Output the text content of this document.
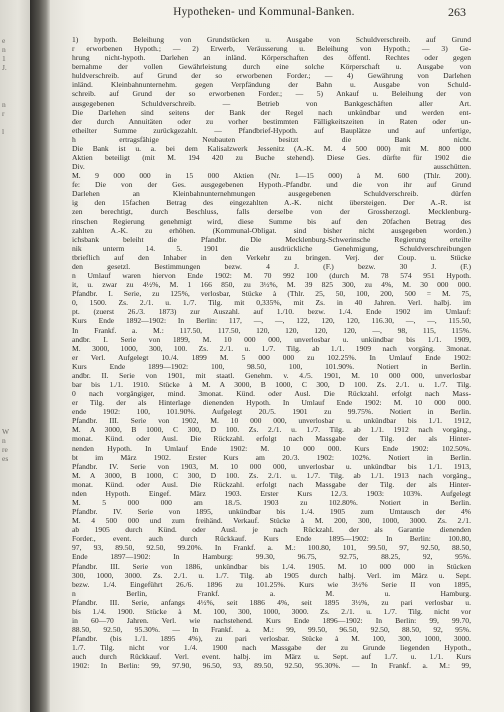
e
n
1
J.
n
r
l
W
n
re
es
Hypotheken- und Kommunal-Banken.	263
1) hypoth. Beleihung von Grundstücken u. Ausgabe von Schuldverschreib. auf Grund
r erworbenen Hypoth.; — 2) Erwerb, Veräusserung u. Beleihung von Hypoth.; — 3) Ge-
hrung nicht-hypoth. Darlehen an inländ. Körperschaften des öffentl. Rechtes oder gegen
bernahme der vollen Gewährleistung durch eine solche Körperschaft u. Ausgabe von
huldverschreib. auf Grund der so erworbenen Forder.; — 4) Gewährung von Darlehen
inländ. Kleinbahnunternehm. gegen Verpfändung der Bahn u. Ausgabe von Schuld-
schreib. auf Grund der so erworbenen Forder.; — 5) Ankauf u. Beleihung der von
ausgegebenen Schuldverschreib. — Betrieb von Bankgeschäften aller Art.
Die Darlehen sind seitens der Bank der Regel nach unkündbar und werden ent-
der durch Annuitäten oder zu vorher bestimmten Fälligkeitszeiten in Raten oder un-
etheilter Summe zurückgezahlt. — Pfandbrief-Hypoth. auf Bauplätze und auf unfertige,
h ertragsfähige Neubauten besitzt die Bank nicht.
Die Bank ist u. a. bei dem Kalisalzwerk Jessenitz (A.-K. M. 4 500 000) mit M. 800 000
Aktien beteiligt (mit M. 194 420 zu Buche stehend). Diese Ges. dürfte für 1902 die
Div. ausschütten.
M. 9 000 000 in 15 000 Aktien (Nr. 1—15 000) à M. 600 (Thlr. 200).
fe: Die von der Ges. ausgegebenen Hypoth.-Pfandbr. und die von ihr auf Grund
Darlehen an Kleinbahnunternehmungen ausgegebenen Schuldverschreib. dürfen
ig den 15fachen Betrag des eingezahlten A.-K. nicht übersteigen. Der A.-R. ist
zen berechtigt, durch Beschluss, falls derselbe von der Grossherzogl. Mecklenburg-
rinschen Regierung genehmigt wird, diese Summe bis auf den 20fachen Betrag des
zahlten A.-K. zu erhöhen. (Kommunal-Obligat. sind bisher nicht ausgegeben worden.)
ichsbank beleiht die Pfandbr. Die Mecklenburg-Schwerinsche Regierung erteilte
nik unterm 14. 5. 1901 die ausdrückliche Genehmigung, Schuldverschreibungen
tbrieflich auf den Inhaber in den Verkehr zu bringen. Verj. der Coup. u. Stücke
den gesetzl. Bestimmungen bezw. 4 J. (F.) bezw. 30 J. (F.)
n Umlauf waren hiervon Ende 1902: M. 70 992 100 (durch M. 78 574 951 Hypoth.
it, u. zwar zu 4½%, M. 1 166 850, zu 3½%, M. 39 825 300, zu 4%, M. 30 000 000.
Pfandbr. I. Serie, zu 125%, verlosbar, Stücke à (Thlr. 25, 50, 100, 200, 500 = M. 75,
0, 1500. Zs. 2./1. u. 1./7. Tilg. mit 0,335%, mit Zs. in 40 Jahren. Verl. halbj. im
pt. (zuerst 26./3. 1873) zur Auszahl. auf 1./10. bezw. 1./4. Ende 1902 im Umlauf:
Kurs Ende 1892—1902: In Berlin: 117, —, —, 122, 120, 120, 116.30, —, —, 115.50,
In Frankf. a. M.: 117.50, 117.50, 120, 120, 120, 120, —, 98, 115, 115%.
andbr. I. Serie von 1899, M. 10 000 000, unverlosbar u. unkündbar bis 1./1. 1909,
M. 3000, 1000, 300, 100. Zs. 2./1. u. 1./7. Tilg. ab 1./1. 1909 nach vorgäng. 3monat.
er Verl. Aufgelegt 10./4. 1899 M. 5 000 000 zu 102.25%. In Umlauf Ende 1902:
Kurs Ende 1899—1902: 100, 98.50, 100, 101.90%. Notiert in Berlin.
andbr. II. Serie von 1901, mit staatl. Genehm. v. 4./5. 1901, M. 10 000 000, unverlosbar
bar bis 1./1. 1910. Stücke à M. A 3000, B 1000, C 300, D 100. Zs. 2./1. u. 1./7. Tilg.
0 nach vorgängiger, mind. 3monat. Künd. oder Ausl. Die Rückzahl. erfolgt nach Mass-
er Tilg. der als Hinterlage dienenden Hypoth. In Umlauf Ende 1902: M. 10 000 000.
ende 1902: 100, 101.90%. Aufgelegt 20./5. 1901 zu 99.75%. Notiert in Berlin.
Pfandbr. III. Serie von 1902, M. 10 000 000, unverlosbar u. unkündbar bis 1./1. 1912,
M. A 3000, B 1000, C 300, D 100. Zs. 2./1. u. 1./7. Tilg. ab 1./1. 1912 nach vorgäng.,
monat. Künd. oder Ausl. Die Rückzahl. erfolgt nach Massgabe der Tilg. der als Hinter-
nenden Hypoth. In Umlauf Ende 1902: M. 10 000 000. Kurs Ende 1902: 102.50%.
bt im März 1902. Erster Kurs am 20./3. 1902: 102%. Notiert in Berlin.
Pfandbr. IV. Serie von 1903, M. 10 000 000, unverlosbar u. unkündbar bis 1./1. 1913,
M. A 3000, B 1000, C 300, D 100. Zs. 2./1. u. 1./7. Tilg. ab 1./1. 1913 nach vorgäng.,
monat. Künd. oder Ausl. Die Rückzahl. erfolgt nach Massgabe der Tilg. der als Hinter-
nden Hypoth. Eingef. März 1903. Erster Kurs 12./3. 1903: 103%. Aufgelegt
M. 5 000 000 am 18./5. 1903 zu 102.80%. Notiert in Berlin.
Pfandbr. IV. Serie von 1895, unkündbar bis 1./4. 1905 zum Umtausch der 4%
M. 4 500 000 und zum freihänd. Verkauf. Stücke à M. 200, 300, 1000, 3000. Zs. 2./1.
ab 1905 durch Künd. oder Ausl. je nach Rückzahl. der als Garantie dienenden
Forder., event. auch durch Rückkauf. Kurs Ende 1895—1902: In Berlin: 100.80,
97, 93, 89.50, 92.50, 99.20%. In Frankf. a. M.: 100.80, 101, 99.50, 97, 92.50, 88.50,
Ende 1897—1902: In Hamburg: 99.30, 96.75, 92.75, 88.25, 92, 95%.
Pfandbr. III. Serie von 1886, unkündbar bis 1./4. 1905. M. 10 000 000 in Stücken
300, 1000, 3000. Zs. 2./1. u. 1./7. Tilg. ab 1905 durch halbj. Verl. im März u. Sept.
bezw. 1./4. Eingeführt 26./6. 1896 zu 101.25%. Kurs wie 3½% Serie II von 1895,
n Berlin, Frankf. a. M. u. Hamburg.
Pfandbr. III. Serie, anfangs 4½%, seit 1886 4%, seit 1895 3½%, zu pari verlosbar u.
bis 1./4. 1900. Stücke à M. 100, 300, 1000, 3000. Zs. 2./1. u. 1./7. Tilg. nicht vor
in 60—70 Jahren. Verl. wie nachstehend. Kurs Ende 1896—1902: In Berlin: 99, 99.70,
88.50, 92.50, 95.30%. — In Frankf. a. M.: 99, 99.50, 96.50, 92.50, 88.50, 92, 95%.
Pfandbr. (bis 1./1. 1895 4%), zu pari verlosbar. Stücke à M. 100, 300, 1000, 3000.
1./7. Tilg. nicht vor 1./4. 1900 nach Massgabe der zu Grunde liegenden Hypoth.,
auch durch Rückkauf. Verl. event. halbj. im März u. Sept. auf 1./7. u. 1./1. Kurs
1902: In Berlin: 99, 97.90, 96.50, 93, 89.50, 92.50, 95.30%. — In Frankf. a. M.: 99,
